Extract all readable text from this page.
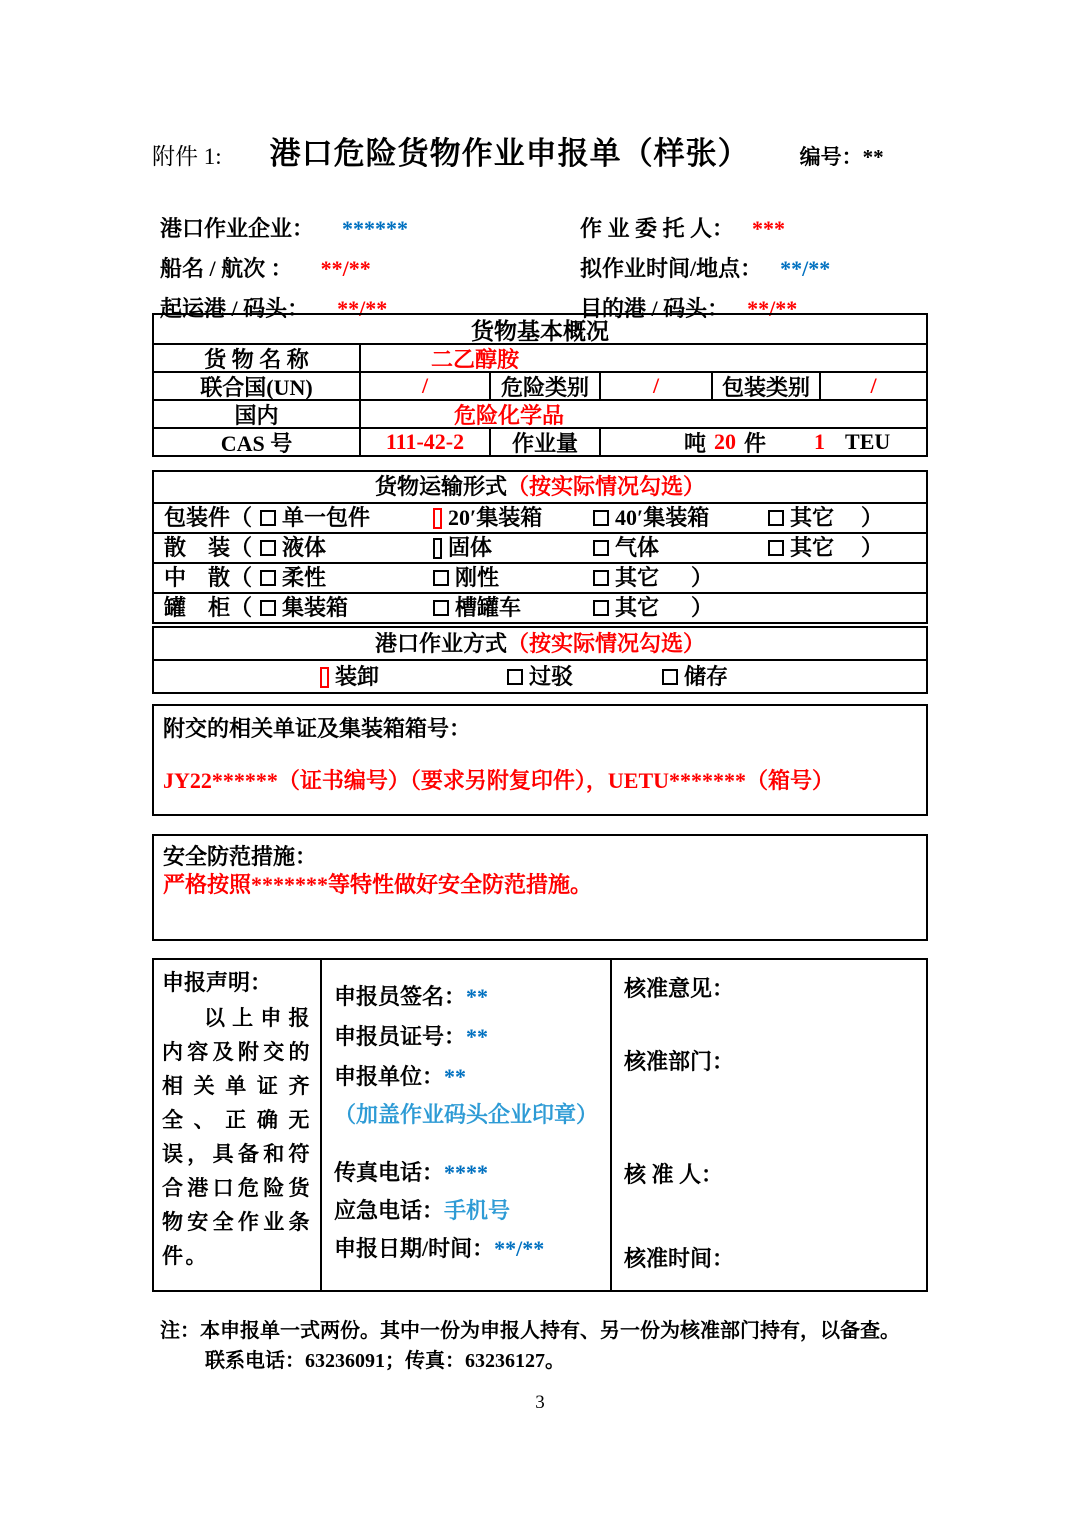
附件 1: 港口危险货物作业申报单（样张） 编号：**
港口作业企业： ******	作 业 委 托 人： ***
船名 / 航次 ： **/**	拟作业时间/地点： **/**
起运港 / 码头： **/**	目的港 / 码头： **/**
货物基本概况
货 物 名 称	二乙醇胺
联合国(UN)	/	危险类别	/	包装类别	/
国内	危险化学品
CAS 号	111-42-2	作业量	吨 20 件 1 TEU
货物运输形式（按实际情况勾选）
包装件（	单一包件	20′集装箱	40′集装箱	其它 ）
散　装（	液体	固体	气体	其它 ）
中　散（	柔性	刚性	其它 ）
罐　柜（	集装箱	槽罐车	其它 ）
港口作业方式（按实际情况勾选）
装卸	过驳	储存
附交的相关单证及集装箱箱号：
JY22******（证书编号）（要求另附复印件），UETU*******（箱号）
安全防范措施：
严格按照*******等特性做好安全防范措施。
申报声明：
以上申报内容及附交的相关单证齐全、正确无误，具备和符合港口危险货物安全作业条件。
申报员签名：**
申报员证号：**
申报单位：**
（加盖作业码头企业印章）
传真电话：****
应急电话：手机号
申报日期/时间：**/**
核准意见：
核准部门：
核 准 人：
核准时间：
注：本申报单一式两份。其中一份为申报人持有、另一份为核准部门持有，以备查。
联系电话：63236091；传真：63236127。
3
